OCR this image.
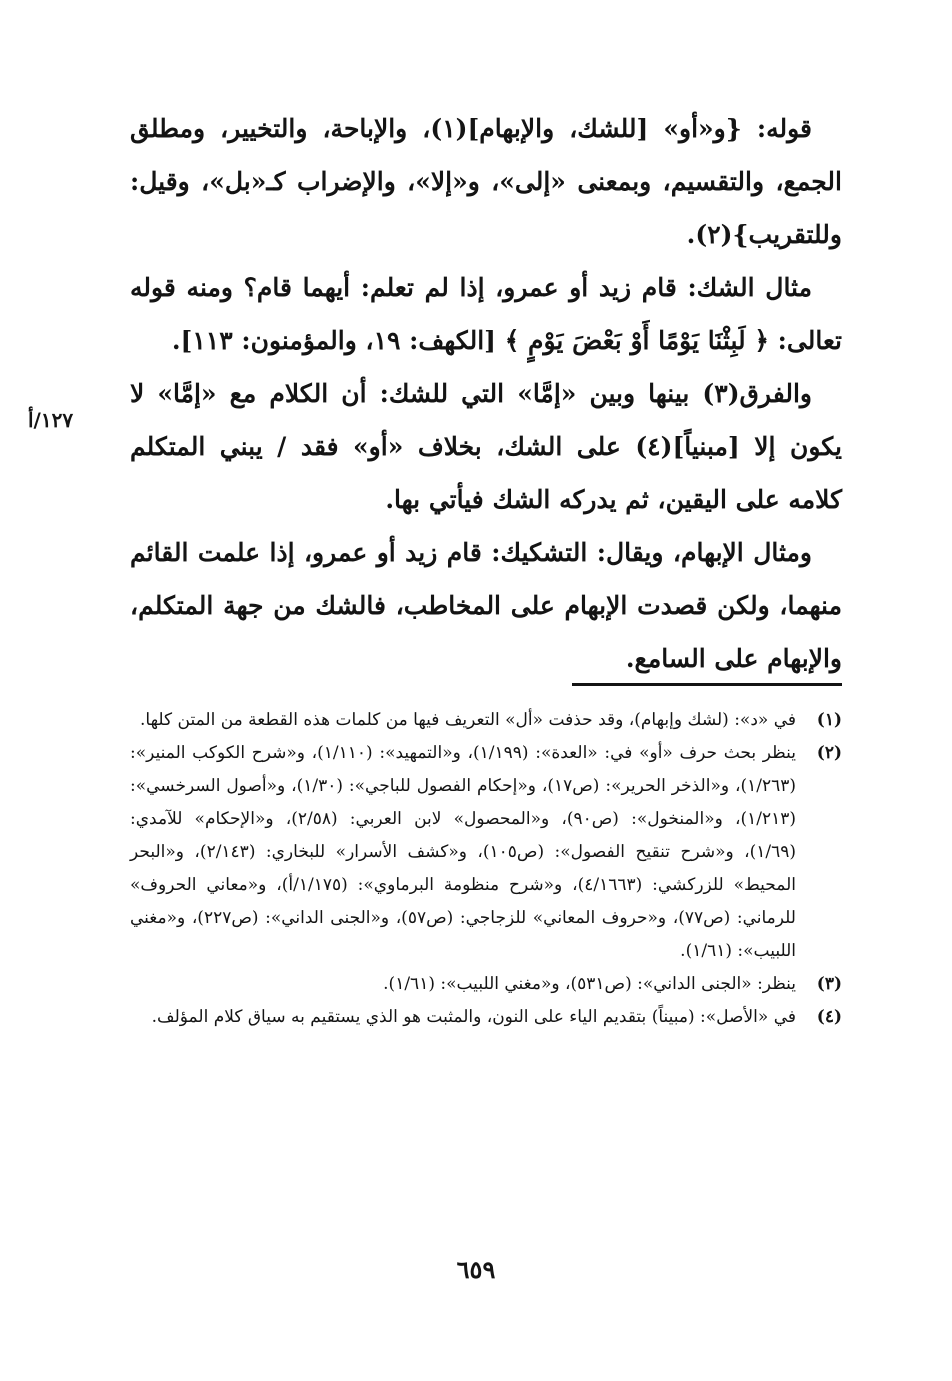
قوله: {و«أو» [للشك، والإبهام](١)، والإباحة، والتخيير، ومطلق الجمع، والتقسيم، وبمعنى «إلى»، و«إلا»، والإضراب كـ«بل»، وقيل: وللتقريب}(٢).

مثال الشك: قام زيد أو عمرو، إذا لم تعلم: أيهما قام؟ ومنه قوله تعالى: ﴿ لَبِثْنَا يَوْمًا أَوْ بَعْضَ يَوْمٍ ﴾ [الكهف: ١٩، والمؤمنون: ١١٣].

والفرق(٣) بينها وبين «إمَّا» التي للشك: أن الكلام مع «إمَّا» لا يكون إلا [مبنياً](٤) على الشك، بخلاف «أو» فقد / يبني المتكلم كلامه على اليقين، ثم يدركه الشك فيأتي بها.

ومثال الإبهام، ويقال: التشكيك: قام زيد أو عمرو، إذا علمت القائم منهما، ولكن قصدت الإبهام على المخاطب، فالشك من جهة المتكلم، والإبهام على السامع.

١٢٧/أ
(١)
في «د»: (لشك وإبهام)، وقد حذفت «أل» التعريف فيها من كلمات هذه القطعة من المتن كلها.
(٢)
ينظر بحث حرف «أو» في: «العدة»: (١/١٩٩)، و«التمهيد»: (١/١١٠)، و«شرح الكوكب المنير»: (١/٢٦٣)، و«الذخر الحرير»: (ص١٧)، و«إحكام الفصول للباجي»: (١/٣٠)، و«أصول السرخسي»: (١/٢١٣)، و«المنخول»: (ص٩٠)، و«المحصول» لابن العربي: (٢/٥٨)، و«الإحكام» للآمدي: (١/٦٩)، و«شرح تنقيح الفصول»: (ص١٠٥)، و«كشف الأسرار» للبخاري: (٢/١٤٣)، و«البحر المحيط» للزركشي: (٤/١٦٦٣)، و«شرح منظومة البرماوي»: (١/١٧٥/أ)، و«معاني الحروف» للرماني: (ص٧٧)، و«حروف المعاني» للزجاجي: (ص٥٧)، و«الجنى الداني»: (ص٢٢٧)، و«مغني اللبيب»: (١/٦١).
(٣)
ينظر: «الجنى الداني»: (ص٥٣١)، و«مغني اللبيب»: (١/٦١).
(٤)
في «الأصل»: (مبيناً) بتقديم الياء على النون، والمثبت هو الذي يستقيم به سياق كلام المؤلف.
٦٥٩
